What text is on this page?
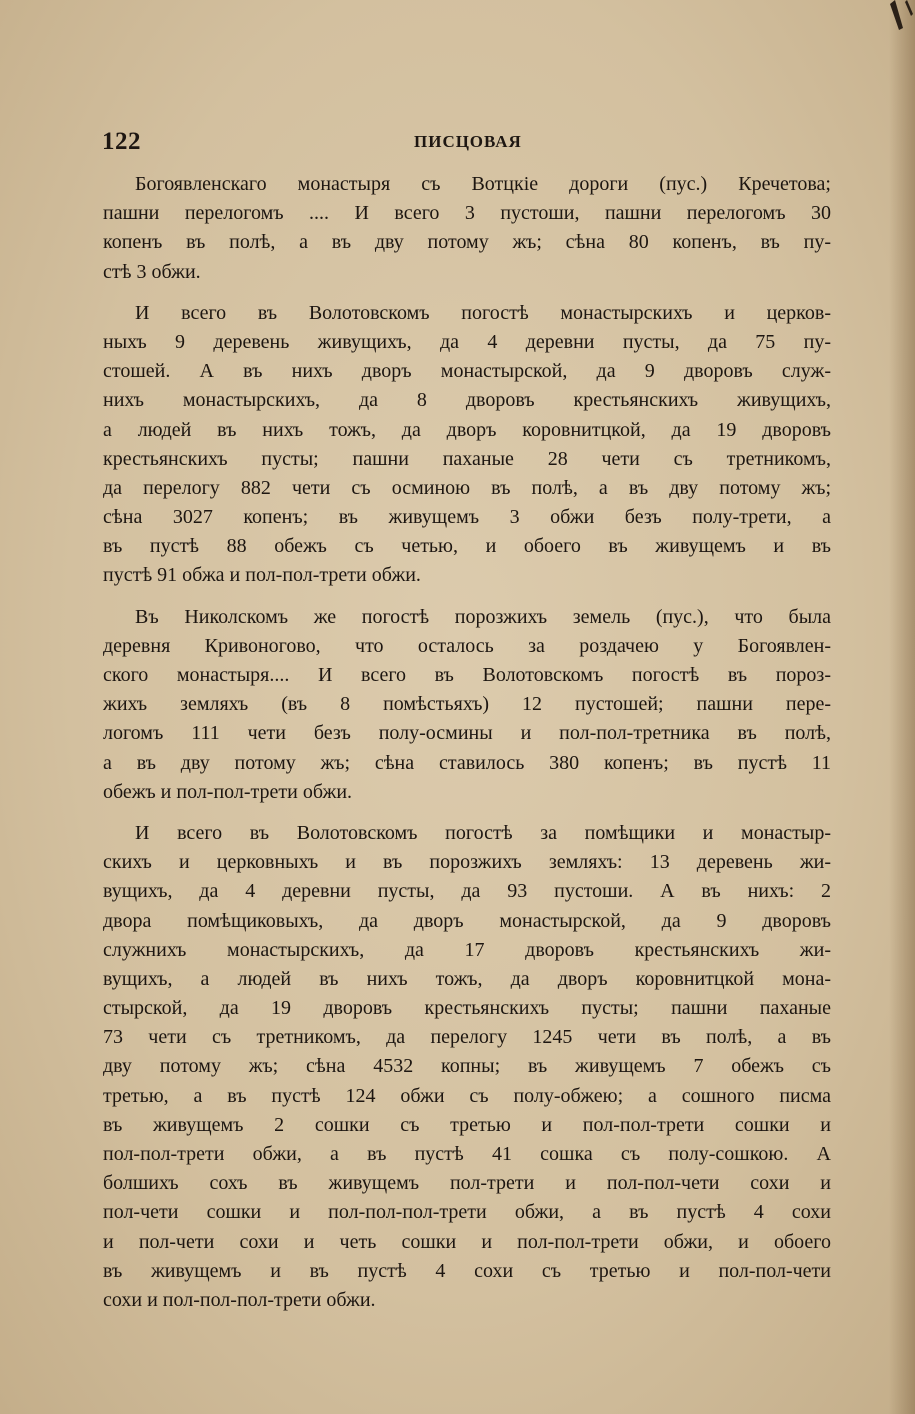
122	ПИСЦОВАЯ
Богоявленскаго монастыря съ Вотцкiе дороги (пус.) Кречетова;
пашни перелогомъ .... И всего 3 пустоши, пашни перелогомъ 30
копенъ въ полѣ, а въ дву потому жъ; сѣна 80 копенъ, въ пу-
стѣ 3 обжи.
И всего въ Волотовскомъ погостѣ монастырскихъ и церков-
ныхъ 9 деревень живущихъ, да 4 деревни пусты, да 75 пу-
стошей. А въ нихъ дворъ монастырской, да 9 дворовъ служ-
нихъ монастырскихъ, да 8 дворовъ крестьянскихъ живущихъ,
а людей въ нихъ тожъ, да дворъ коровнитцкой, да 19 дворовъ
крестьянскихъ пусты; пашни паханые 28 чети съ третникомъ,
да перелогу 882 чети съ осминою въ полѣ, а въ дву потому жъ;
сѣна 3027 копенъ; въ живущемъ 3 обжи безъ полу-трети, а
въ пустѣ 88 обежъ съ четью, и обоего въ живущемъ и въ
пустѣ 91 обжа и пол-пол-трети обжи.
Въ Николскомъ же погостѣ порозжихъ земель (пус.), что была
деревня Кривоногово, что осталось за роздачею у Богоявлен-
ского монастыря.... И всего въ Волотовскомъ погостѣ въ пороз-
жихъ земляхъ (въ 8 помѣстьяхъ) 12 пустошей; пашни пере-
логомъ 111 чети безъ полу-осмины и пол-пол-третника въ полѣ,
а въ дву потому жъ; сѣна ставилось 380 копенъ; въ пустѣ 11
обежъ и пол-пол-трети обжи.
И всего въ Волотовскомъ погостѣ за помѣщики и монастыр-
скихъ и церковныхъ и въ порозжихъ земляхъ: 13 деревень жи-
вущихъ, да 4 деревни пусты, да 93 пустоши. А въ нихъ: 2
двора помѣщиковыхъ, да дворъ монастырской, да 9 дворовъ
служнихъ монастырскихъ, да 17 дворовъ крестьянскихъ жи-
вущихъ, а людей въ нихъ тожъ, да дворъ коровнитцкой мона-
стырской, да 19 дворовъ крестьянскихъ пусты; пашни паханые
73 чети съ третникомъ, да перелогу 1245 чети въ полѣ, а въ
дву потому жъ; сѣна 4532 копны; въ живущемъ 7 обежъ съ
третью, а въ пустѣ 124 обжи съ полу-обжею; а сошного писма
въ живущемъ 2 сошки съ третью и пол-пол-трети сошки и
пол-пол-трети обжи, а въ пустѣ 41 сошка съ полу-сошкою. А
болшихъ сохъ въ живущемъ пол-трети и пол-пол-чети сохи и
пол-чети сошки и пол-пол-пол-трети обжи, а въ пустѣ 4 сохи
и пол-чети сохи и четь сошки и пол-пол-трети обжи, и обоего
въ живущемъ и въ пустѣ 4 сохи съ третью и пол-пол-чети
сохи и пол-пол-пол-трети обжи.
